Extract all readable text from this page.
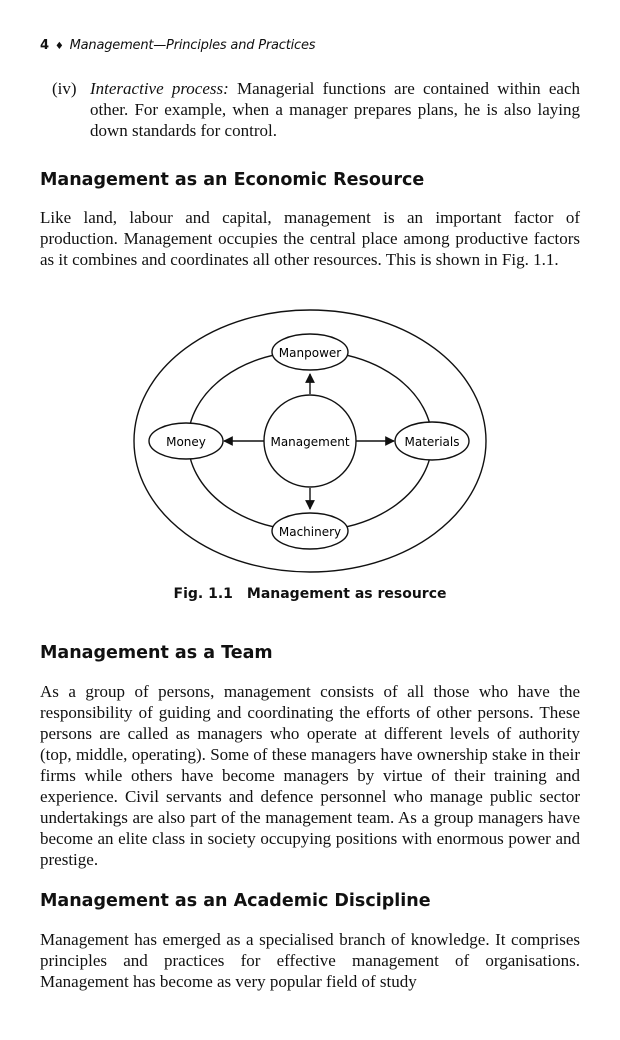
4 ♦ Management—Principles and Practices
(iv) Interactive process: Managerial functions are contained within each other. For example, when a manager prepares plans, he is also laying down standards for control.
Management as an Economic Resource

Like land, labour and capital, management is an important factor of production. Management occupies the central place among productive factors as it combines and coordinates all other resources. This is shown in Fig. 1.1.

Management
Manpower
Machinery
Money	Materials
Fig. 1.1 Management as resource
Management as a Team

As a group of persons, management consists of all those who have the responsibility of guiding and coordinating the efforts of other persons. These persons are called as managers who operate at different levels of authority (top, middle, operating). Some of these managers have ownership stake in their firms while others have become managers by virtue of their training and experience. Civil servants and defence personnel who manage public sector undertakings are also part of the management team. As a group managers have become an elite class in society occupying positions with enormous power and prestige.

Management as an Academic Discipline

Management has emerged as a specialised branch of knowledge. It comprises principles and practices for effective management of organisations. Management has become as very popular field of study
